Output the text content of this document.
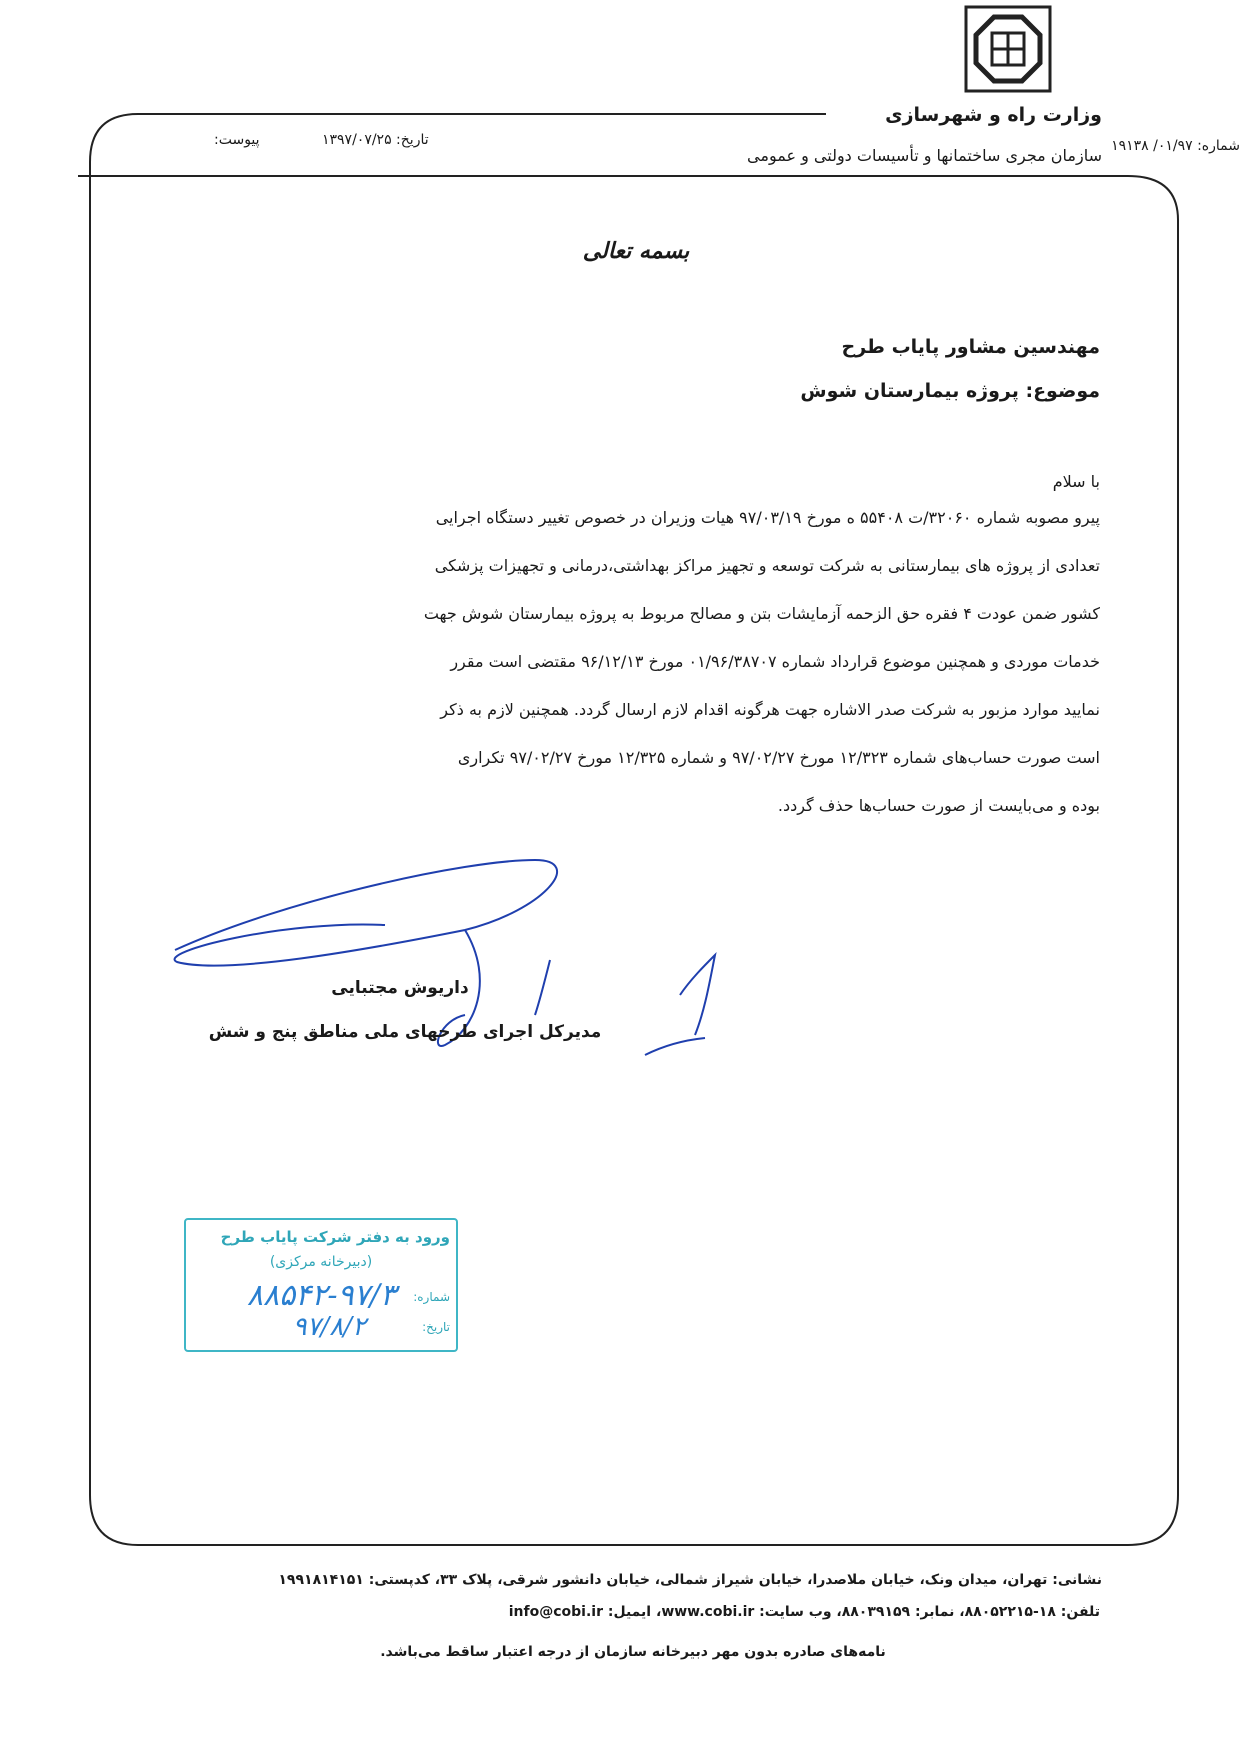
وزارت راه و شهرسازی
سازمان مجری ساختمانها و تأسیسات دولتی و عمومی
پیوست:	تاریخ: ۱۳۹۷/۰۷/۲۵	شماره: ۰۱/۹۷/ ۱۹۱۳۸
بسمه تعالی
مهندسین مشاور پایاب طرح
موضوع: پروژه بیمارستان شوش
با سلام
پیرو مصوبه شماره ۳۲۰۶۰/ت ۵۵۴۰۸ ه مورخ ۹۷/۰۳/۱۹ هیات وزیران در خصوص تغییر دستگاه اجرایی
تعدادی از پروژه های بیمارستانی به شرکت توسعه و تجهیز مراکز بهداشتی،درمانی و تجهیزات پزشکی
کشور ضمن عودت ۴ فقره حق الزحمه آزمایشات بتن و مصالح مربوط به پروژه بیمارستان شوش جهت
خدمات موردی و همچنین موضوع قرارداد شماره ۰۱/۹۶/۳۸۷۰۷ مورخ ۹۶/۱۲/۱۳ مقتضی است مقرر
نمایید موارد مزبور به شرکت صدر الاشاره جهت هرگونه اقدام لازم ارسال گردد. همچنین لازم به ذکر
است صورت حساب‌های شماره ۱۲/۳۲۳ مورخ ۹۷/۰۲/۲۷ و شماره ۱۲/۳۲۵ مورخ ۹۷/۰۲/۲۷ تکراری
بوده و می‌بایست از صورت حساب‌ها حذف گردد.
داریوش مجتبایی
مدیرکل اجرای طرحهای ملی مناطق پنج و شش
ورود به دفتر شرکت پایاب طرح
(دبیرخانه مرکزی)
شماره:
۸۸۵۴۲-۹۷/۳
تاریخ:
۹۷/۸/۲
نشانی: تهران، میدان ونک، خیابان ملاصدرا، خیابان شیراز شمالی، خیابان دانشور شرقی، پلاک ۳۳، کدپستی: ۱۹۹۱۸۱۴۱۵۱
تلفن: ۱۸-۸۸۰۵۲۲۱۵، نمابر: ۸۸۰۳۹۱۵۹، وب سایت: www.cobi.ir، ایمیل: info@cobi.ir
نامه‌های صادره بدون مهر دبیرخانه سازمان از درجه اعتبار ساقط می‌باشد.
